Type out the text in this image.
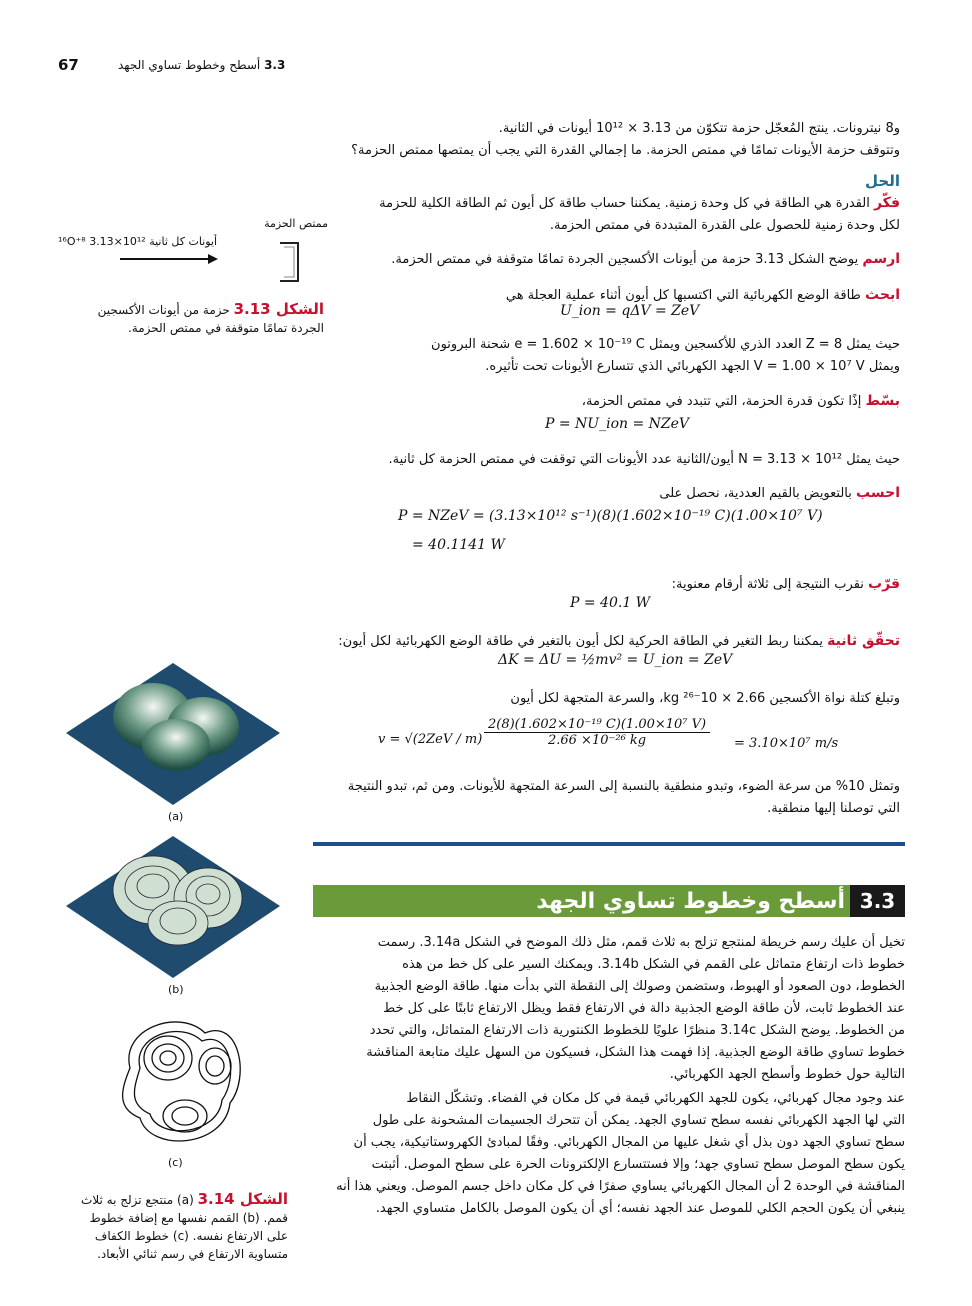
67	3.3 أسطح وخطوط تساوي الجهد
و8 نيترونات. ينتج المُعجّل حزمة تتكوّن من 3.13 × 10¹² أيونات في الثانية.
وتتوقف حزمة الأيونات تمامًا في ممتص الحزمة. ما إجمالي القدرة التي يجب أن يمتصها ممتص الحزمة؟
الحل
فكّر القدرة هي الطاقة في كل وحدة زمنية. يمكننا حساب طاقة كل أيون ثم الطاقة الكلية للحزمة
لكل وحدة زمنية للحصول على القدرة المتبددة في ممتص الحزمة.
ارسم يوضح الشكل 3.13 حزمة من أيونات الأكسجين الجردة تمامًا متوقفة في ممتص الحزمة.
ابحث طاقة الوضع الكهربائية التي اكتسبها كل أيون أثناء عملية العجلة هي
U_ion = qΔV = ZeV
حيث يمثل Z = 8 العدد الذري للأكسجين ويمثل e = 1.602 × 10⁻¹⁹ C شحنة البروتون
ويمثل V = 1.00 × 10⁷ V الجهد الكهربائي الذي تتسارع الأيونات تحت تأثيره.
بسّط إذًا تكون قدرة الحزمة، التي تتبدد في ممتص الحزمة،
P = NU_ion = NZeV
حيث يمثل N = 3.13 × 10¹² أيون/الثانية عدد الأيونات التي توقفت في ممتص الحزمة كل ثانية.
احسب بالتعويض بالقيم العددية، نحصل على
P = NZeV = (3.13×10¹² s⁻¹)(8)(1.602×10⁻¹⁹ C)(1.00×10⁷ V)
= 40.1141 W
قرّب نقرب النتيجة إلى ثلاثة أرقام معنوية:
P = 40.1 W
تحقّق ثانية يمكننا ربط التغير في الطاقة الحركية لكل أيون بالتغير في طاقة الوضع الكهربائية لكل أيون:
ΔK = ΔU = ½mv² = U_ion = ZeV
وتبلغ كتلة نواة الأكسجين 2.66 × 10⁻²⁶ kg، والسرعة المتجهة لكل أيون
$v = √(2ZeV / m) \frac{\text{2(8)(1.602×10⁻¹⁹ C)(1.00×10⁷ V)}}{\text{2.66 ×10⁻²⁶ kg}} = 3.10\times 10^7$ m/s
وتمثل 10% من سرعة الضوء، وتبدو منطقية بالنسبة إلى السرعة المتجهة للأيونات. ومن ثم، تبدو النتيجة
التي توصلنا إليها منطقية.
ممتص الحزمة
أيونات كل ثانية ¹⁶O⁺⁸ 3.13×10¹²
الشكل 3.13 حزمة من أيونات الأكسجين
الجردة تمامًا متوقفة في ممتص الحزمة.
(a)
(b)
(c)
الشكل 3.14 (a) منتجع تزلج به ثلاث
قمم. (b) القمم نفسها مع إضافة خطوط
على الارتفاع نفسه. (c) خطوط الكفاف
متساوية الارتفاع في رسم ثنائي الأبعاد.
أسطح وخطوط تساوي الجهد 3.3
تخيل أن عليك رسم خريطة لمنتجع تزلج به ثلاث قمم، مثل ذلك الموضح في الشكل 3.14a. رسمت
خطوط ذات ارتفاع متماثل على القمم في الشكل 3.14b. ويمكنك السير على كل خط من هذه
الخطوط، دون الصعود أو الهبوط، وستضمن وصولك إلى النقطة التي بدأت منها. طاقة الوضع الجذبية
عند الخطوط ثابت، لأن طاقة الوضع الجذبية دالة في الارتفاع فقط ويظل الارتفاع ثابتًا على كل خط
من الخطوط. يوضح الشكل 3.14c منظرًا علويًا للخطوط الكنتورية ذات الارتفاع المتماثل، والتي تحدد
خطوط تساوي طاقة الوضع الجذبية. إذا فهمت هذا الشكل، فسيكون من السهل عليك متابعة المناقشة
التالية حول خطوط وأسطح الجهد الكهربائي.
عند وجود مجال كهربائي، يكون للجهد الكهربائي قيمة في كل مكان في الفضاء. وتشكّل النقاط
التي لها الجهد الكهربائي نفسه سطح تساوي الجهد. يمكن أن تتحرك الجسيمات المشحونة على طول
سطح تساوي الجهد دون بذل أي شغل عليها من المجال الكهربائي. وفقًا لمبادئ الكهروستاتيكية، يجب أن
يكون سطح الموصل سطح تساوي جهد؛ وإلا فستتسارع الإلكترونات الحرة على سطح الموصل. أثبتت
المناقشة في الوحدة 2 أن المجال الكهربائي يساوي صفرًا في كل مكان داخل جسم الموصل. ويعني هذا أنه
ينبغي أن يكون الحجم الكلي للموصل عند الجهد نفسه؛ أي أن يكون الموصل بالكامل متساوي الجهد.
